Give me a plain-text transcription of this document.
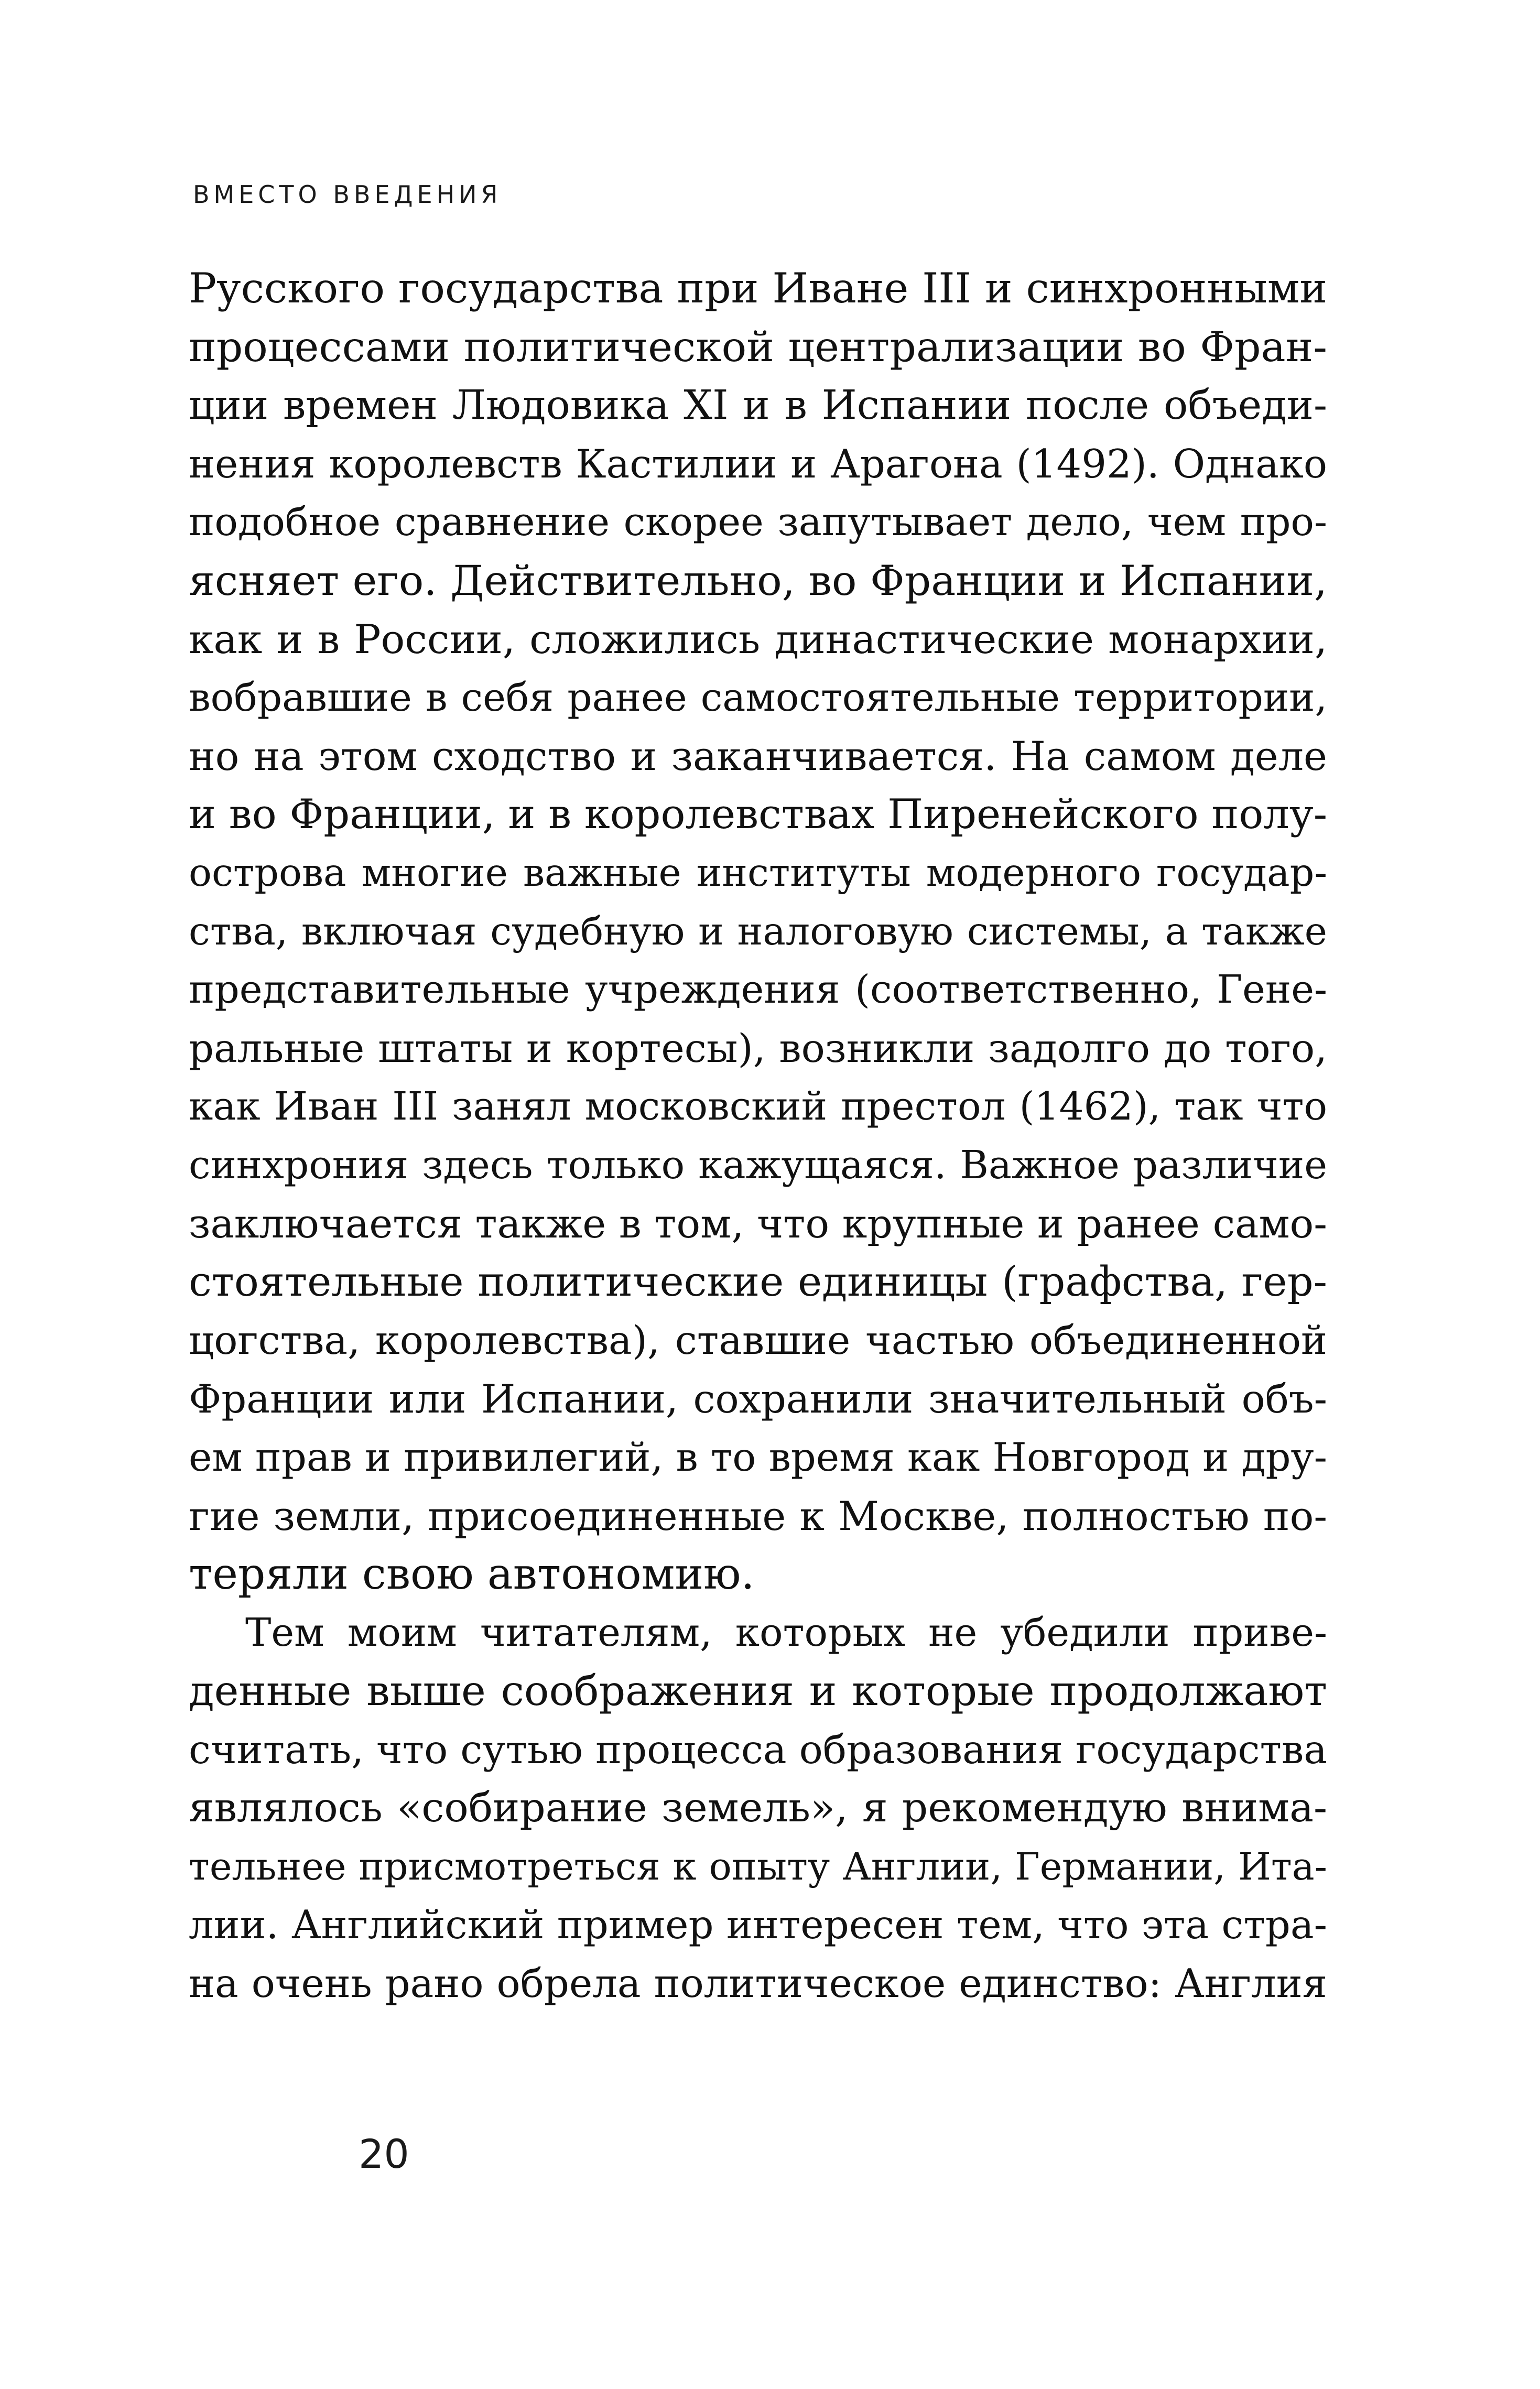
ВМЕСТО ВВЕДЕНИЯ
Русского государства при Иване III и синхронными
процессами политической централизации во Фран-
ции времен Людовика XI и в Испании после объеди-
нения королевств Кастилии и Арагона (1492). Однако
подобное сравнение скорее запутывает дело, чем про-
ясняет его. Действительно, во Франции и Испании,
как и в России, сложились династические монархии,
вобравшие в себя ранее самостоятельные территории,
но на этом сходство и заканчивается. На самом деле
и во Франции, и в королевствах Пиренейского полу-
острова многие важные институты модерного государ-
ства, включая судебную и налоговую системы, а также
представительные учреждения (соответственно, Гене-
ральные штаты и кортесы), возникли задолго до того,
как Иван III занял московский престол (1462), так что
синхрония здесь только кажущаяся. Важное различие
заключается также в том, что крупные и ранее само-
стоятельные политические единицы (графства, гер-
цогства, королевства), ставшие частью объединенной
Франции или Испании, сохранили значительный объ-
ем прав и привилегий, в то время как Новгород и дру-
гие земли, присоединенные к Москве, полностью по-
теряли свою автономию.
Тем моим читателям, которых не убедили приве-
денные выше соображения и которые продолжают
считать, что сутью процесса образования государства
являлось «собирание земель», я рекомендую внима-
тельнее присмотреться к опыту Англии, Германии, Ита-
лии. Английский пример интересен тем, что эта стра-
на очень рано обрела политическое единство: Англия
20
